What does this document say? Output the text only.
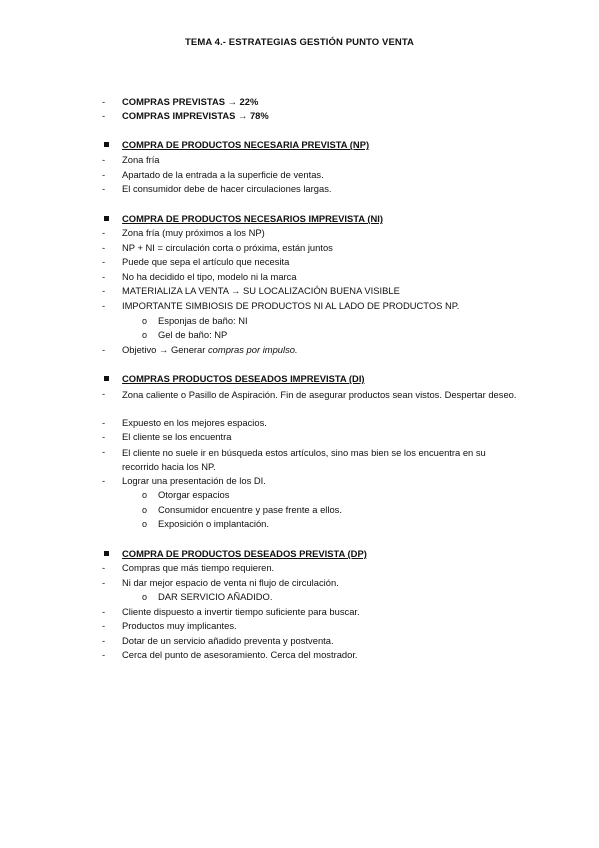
TEMA 4.- ESTRATEGIAS GESTIÓN PUNTO VENTA
- COMPRAS PREVISTAS → 22%
- COMPRAS IMPREVISTAS → 78%
COMPRA DE PRODUCTOS NECESARIA PREVISTA (NP)
- Zona fría
- Apartado de la entrada a la superficie de ventas.
- El consumidor debe de hacer circulaciones largas.
COMPRA DE PRODUCTOS NECESARIOS IMPREVISTA (NI)
- Zona fría (muy próximos a los NP)
- NP + NI = circulación corta o próxima, están juntos
- Puede que sepa el artículo que necesita
- No ha decidido el tipo, modelo ni la marca
- MATERIALIZA LA VENTA → SU LOCALIZACIÓN BUENA VISIBLE
- IMPORTANTE SIMBIOSIS DE PRODUCTOS NI AL LADO DE PRODUCTOS NP.
o Esponjas de baño: NI
o Gel de baño: NP
- Objetivo → Generar compras por impulso.
COMPRAS PRODUCTOS DESEADOS IMPREVISTA (DI)
- Zona caliente o Pasillo de Aspiración. Fin de asegurar productos sean vistos. Despertar deseo.
- Expuesto en los mejores espacios.
- El cliente se los encuentra
- El cliente no suele ir en búsqueda estos artículos, sino mas bien se los encuentra en su recorrido hacia los NP.
- Lograr una presentación de los DI.
o Otorgar espacios
o Consumidor encuentre y pase frente a ellos.
o Exposición o implantación.
COMPRA DE PRODUCTOS DESEADOS PREVISTA (DP)
- Compras que más tiempo requieren.
- Ni dar mejor espacio de venta ni flujo de circulación.
o DAR SERVICIO AÑADIDO.
- Cliente dispuesto a invertir tiempo suficiente para buscar.
- Productos muy implicantes.
- Dotar de un servicio añadido preventa y postventa.
- Cerca del punto de asesoramiento. Cerca del mostrador.
